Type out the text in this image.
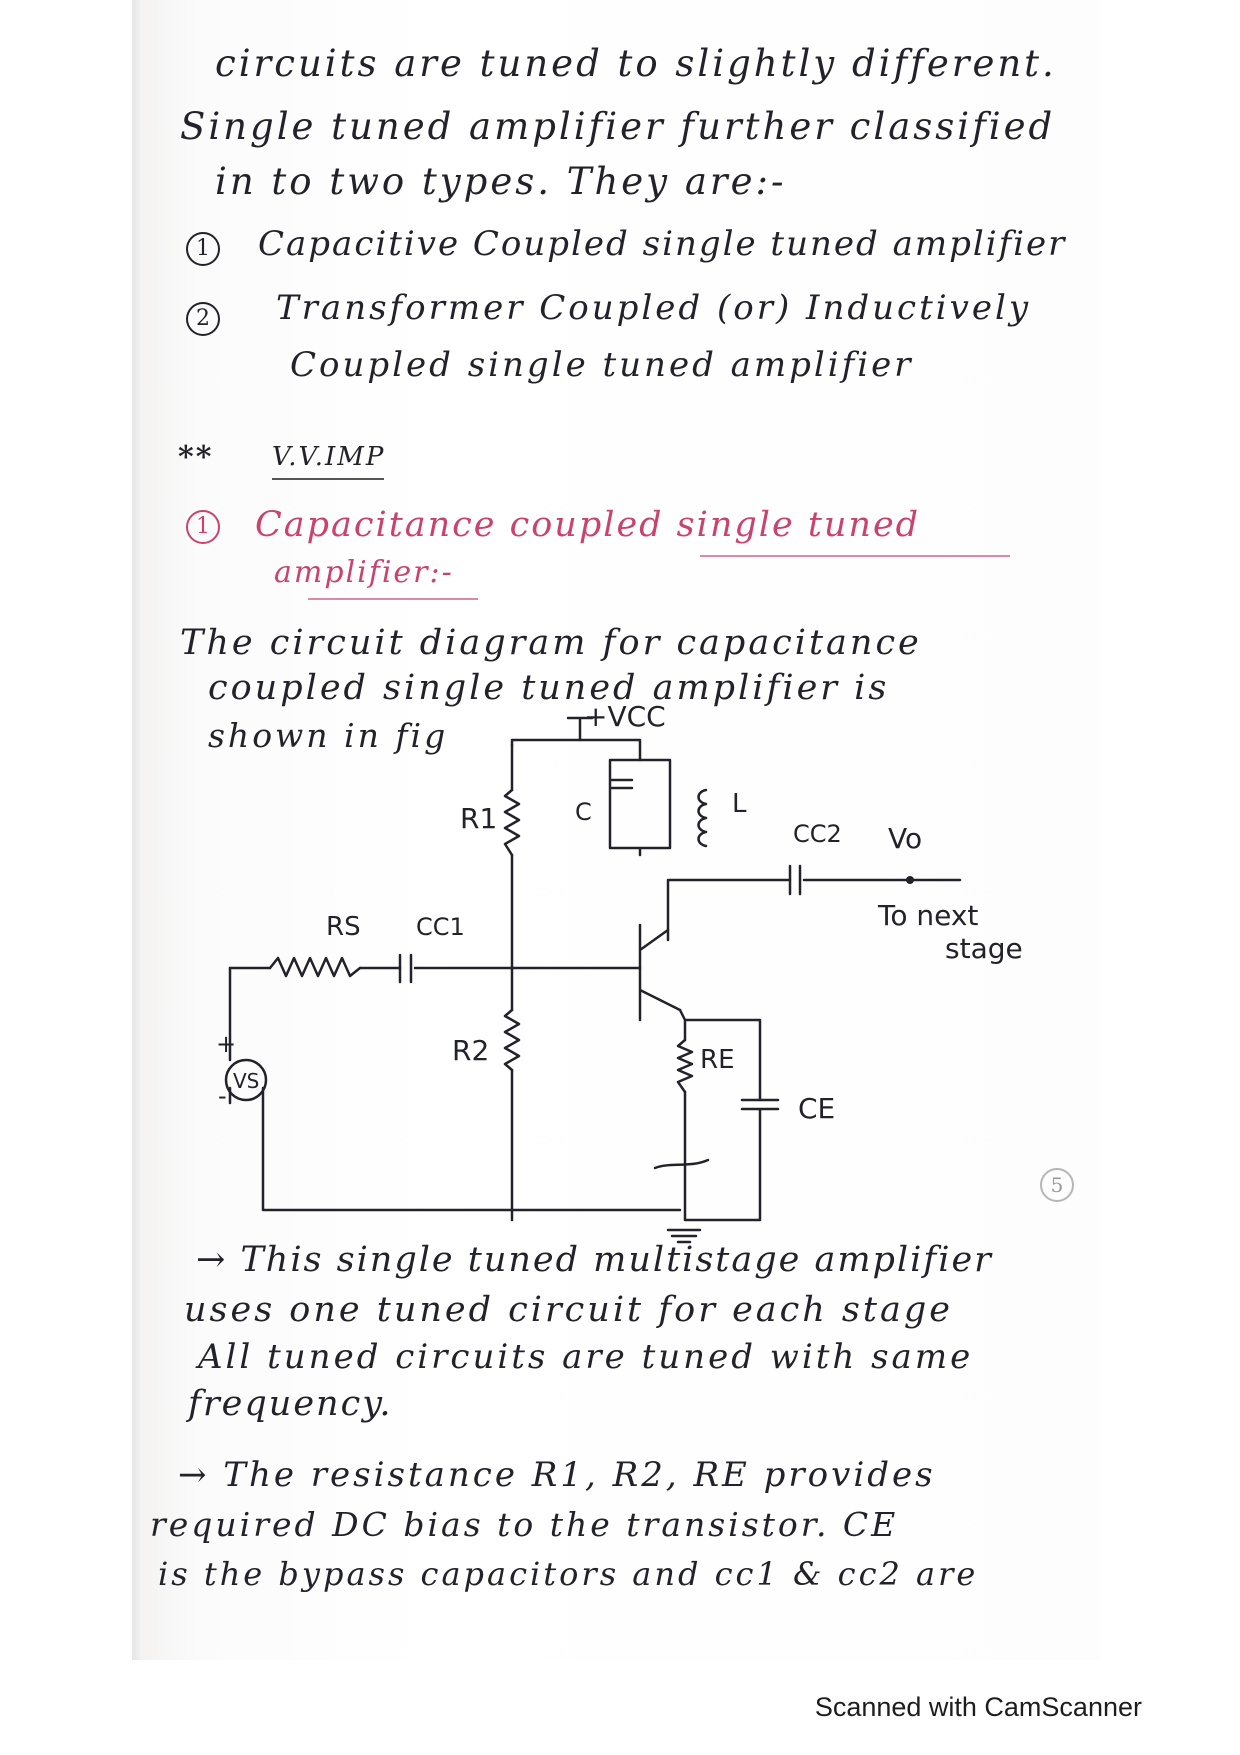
circuits are tuned to slightly different.
Single tuned amplifier further classified
in to two types. They are:-
1 Capacitive Coupled single tuned amplifier
2 Transformer Coupled (or) Inductively
Coupled single tuned amplifier
** V.V.IMP
1 Capacitance coupled single tuned
amplifier:-
The circuit diagram for capacitance
coupled single tuned amplifier is
shown in fig	+VCC
R1	C	L
CC2 Vo
RS CC1	To next
stage
VS
+
-
R2	RE
CE
5
→ This single tuned multistage amplifier
uses one tuned circuit for each stage
All tuned circuits are tuned with same
frequency.
→ The resistance R1, R2, RE provides
required DC bias to the transistor. CE
is the bypass capacitors and cc1 & cc2 are
Scanned with CamScanner
